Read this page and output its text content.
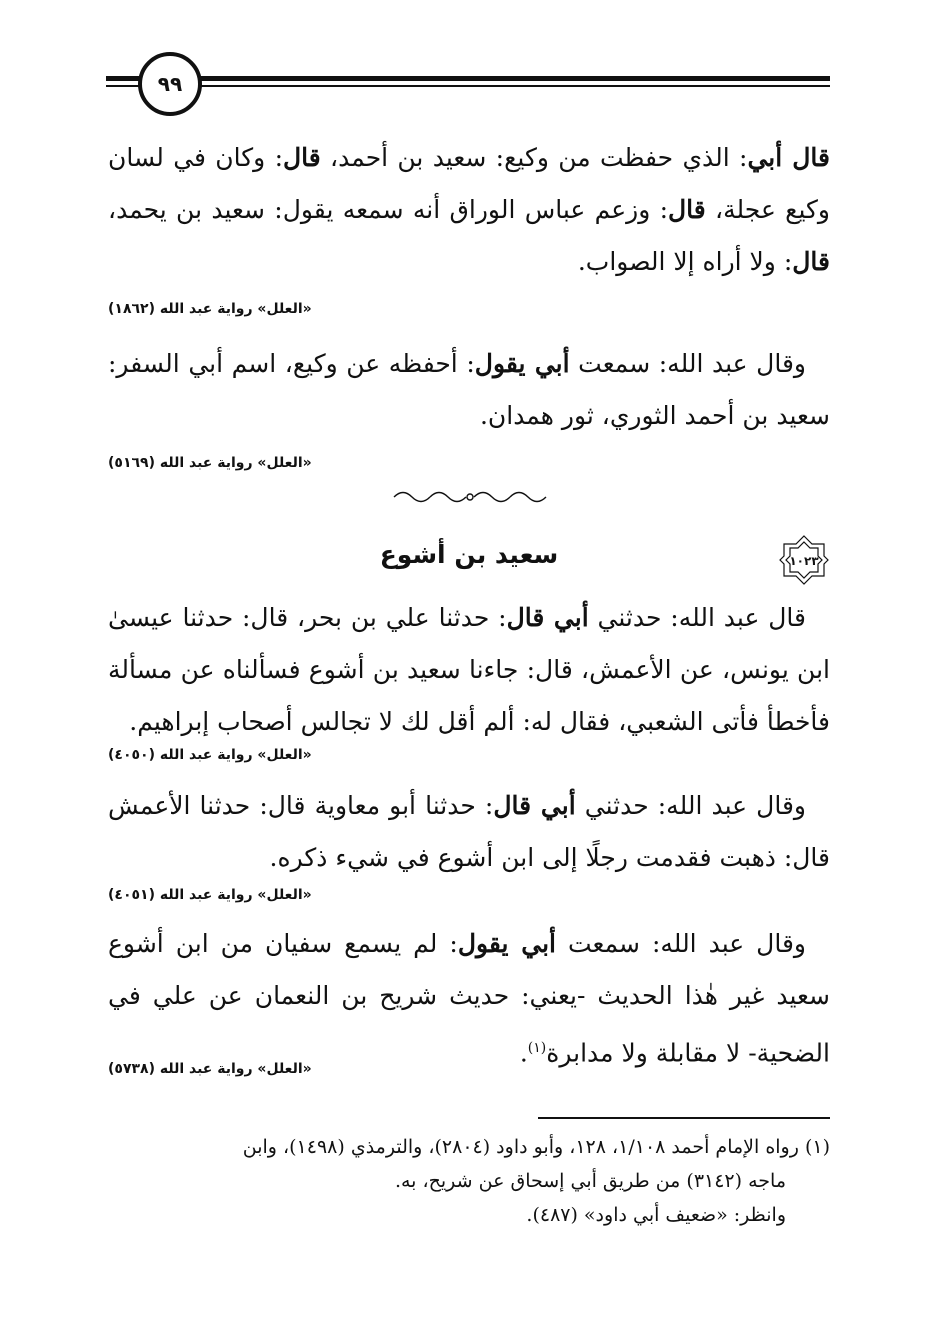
٩٩

قال أبي: الذي حفظت من وكيع: سعيد بن أحمد، قال: وكان في لسان وكيع عجلة، قال: وزعم عباس الوراق أنه سمعه يقول: سعيد بن يحمد، قال: ولا أراه إلا الصواب.

«العلل» رواية عبد الله (١٨٦٢)

وقال عبد الله: سمعت أبي يقول: أحفظه عن وكيع، اسم أبي السفر: سعيد بن أحمد الثوري، ثور همدان.

«العلل» رواية عبد الله (٥١٦٩)

١٠٢٣
سعيد بن أشوع

قال عبد الله: حدثني أبي قال: حدثنا علي بن بحر، قال: حدثنا عيسىٰ ابن يونس، عن الأعمش، قال: جاءنا سعيد بن أشوع فسألناه عن مسألة فأخطأ فأتى الشعبي، فقال له: ألم أقل لك لا تجالس أصحاب إبراهيم.

«العلل» رواية عبد الله (٤٠٥٠)

وقال عبد الله: حدثني أبي قال: حدثنا أبو معاوية قال: حدثنا الأعمش قال: ذهبت فقدمت رجلًا إلى ابن أشوع في شيء ذكره.

«العلل» رواية عبد الله (٤٠٥١)

وقال عبد الله: سمعت أبي يقول: لم يسمع سفيان من ابن أشوع سعيد غير هٰذا الحديث -يعني: حديث شريح بن النعمان عن علي في الضحية- لا مقابلة ولا مدابرة$^{(١)}$.

«العلل» رواية عبد الله (٥٧٣٨)

(١) رواه الإمام أحمد ١/١٠٨، ١٢٨، وأبو داود (٢٨٠٤)، والترمذي (١٤٩٨)، وابن

ماجه (٣١٤٢) من طريق أبي إسحاق عن شريح، به.

وانظر: «ضعيف أبي داود» (٤٨٧).
